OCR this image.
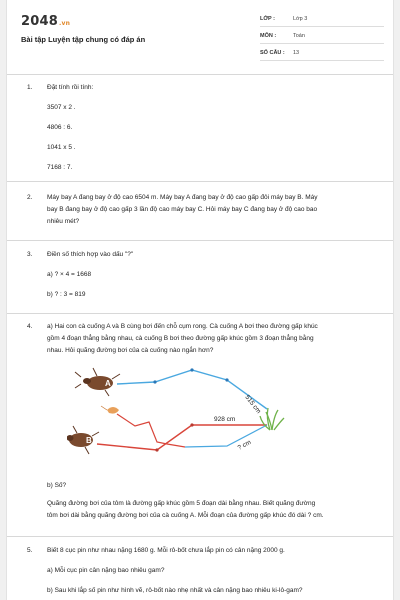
2048.vn
Bài tập Luyện tập chung có đáp án
LỚP :	Lớp 3
MÔN :	Toán
SỐ CÂU : 13
1. Đặt tính rồi tính:
3507 x 2 .
4806 : 6.
1041 x 5 .
7168 : 7.
2. Máy bay A đang bay ở độ cao 6504 m. Máy bay A đang bay ở độ cao gấp đôi máy bay B. Máy
bay B đang bay ở độ cao gấp 3 lần độ cao máy bay C. Hỏi máy bay C đang bay ở độ cao bao
nhiêu mét?
3. Điền số thích hợp vào dấu "?"
a) ? × 4 = 1668
b) ? : 3 = 819
4. a) Hai con cà cuống A và B cùng bơi đến chỗ cụm rong. Cà cuống A bơi theo đường gấp khúc
gồm 4 đoạn thẳng bằng nhau, cà cuống B bơi theo đường gấp khúc gồm 3 đoạn thẳng bằng
nhau. Hỏi quãng đường bơi của cà cuống nào ngắn hơn?
A
B
515 cm
928 cm
? cm
b) Số?
Quãng đường bơi của tôm là đường gấp khúc gồm 5 đoạn dài bằng nhau. Biết quãng đường
tôm bơi dài bằng quãng đường bơi của cà cuống A. Mỗi đoạn của đường gấp khúc đó dài ? cm.
5. Biết 8 cục pin như nhau nặng 1680 g. Mỗi rô-bốt chưa lắp pin có cân nặng 2000 g.
a) Mỗi cục pin cân nặng bao nhiêu gam?
b) Sau khi lắp số pin như hình vẽ, rô-bốt nào nhẹ nhất và cân nặng bao nhiêu ki-lô-gam?
